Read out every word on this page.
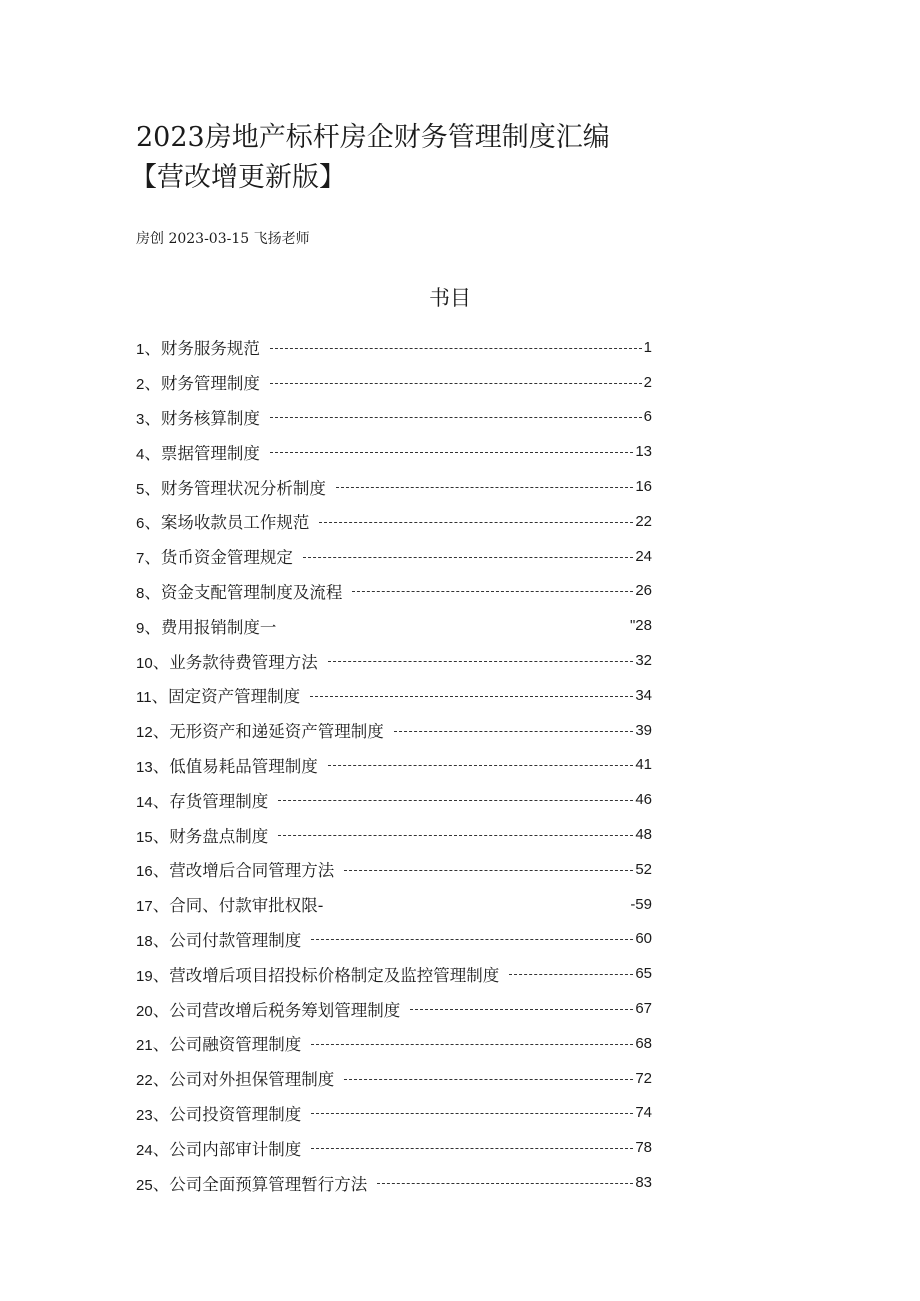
2023房地产标杆房企财务管理制度汇编
【营改增更新版】
房创 2023-03-15 飞扬老师
书目
1、财务服务规范	1
2、财务管理制度	2
3、财务核算制度	6
4、票据管理制度	13
5、财务管理状况分析制度	16
6、案场收款员工作规范	22
7、货币资金管理规定	24
8、资金支配管理制度及流程	26
9、费用报销制度一	"28
10、业务款待费管理方法	32
11、固定资产管理制度	34
12、无形资产和递延资产管理制度	39
13、低值易耗品管理制度	41
14、存货管理制度	46
15、财务盘点制度	48
16、营改增后合同管理方法	52
17、合同、付款审批权限-	-59
18、公司付款管理制度	60
19、营改增后项目招投标价格制定及监控管理制度	65
20、公司营改增后税务筹划管理制度	67
21、公司融资管理制度	68
22、公司对外担保管理制度	72
23、公司投资管理制度	74
24、公司内部审计制度	78
25、公司全面预算管理暂行方法	83
